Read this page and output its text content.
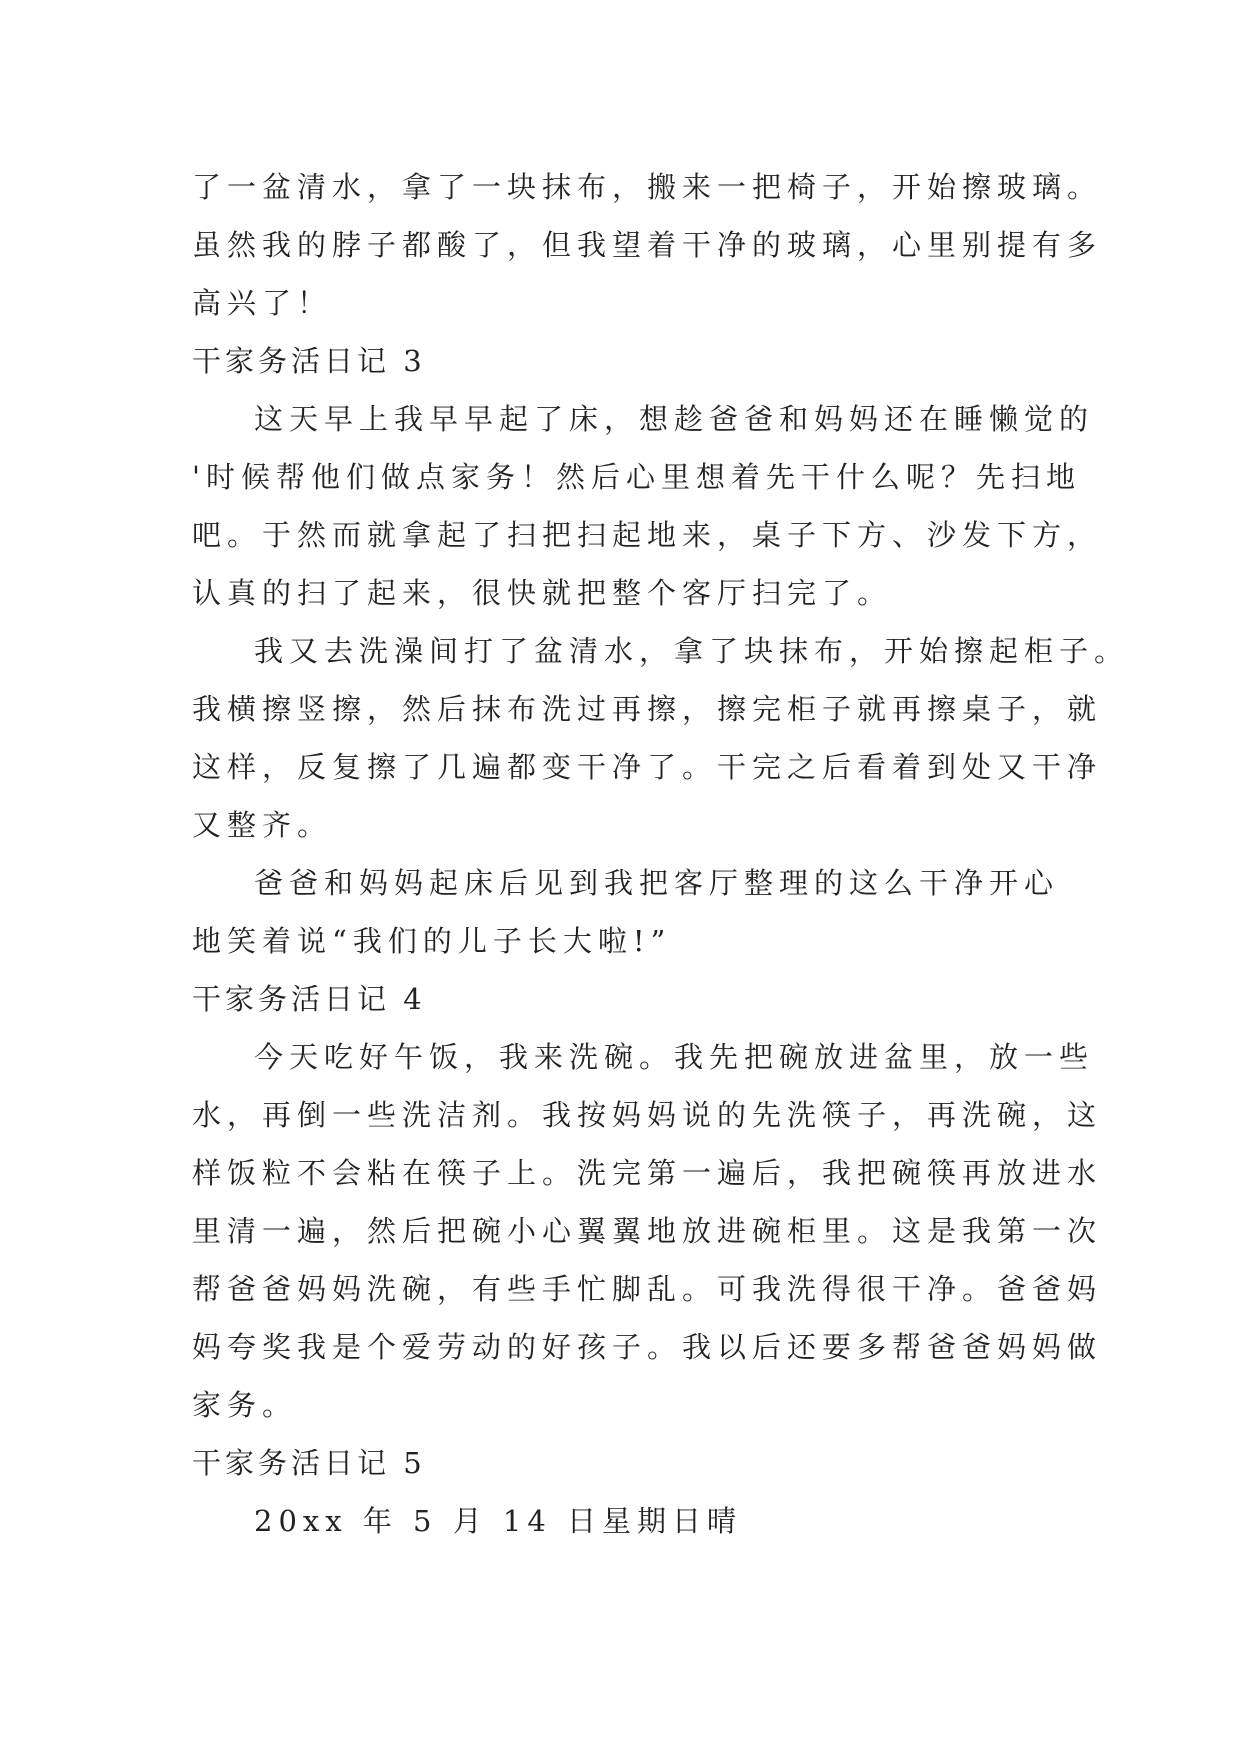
了一盆清水，拿了一块抹布，搬来一把椅子，开始擦玻璃。
虽然我的脖子都酸了，但我望着干净的玻璃，心里别提有多
高兴了！
干家务活日记 3
这天早上我早早起了床，想趁爸爸和妈妈还在睡懒觉的
'时候帮他们做点家务！然后心里想着先干什么呢？先扫地
吧。于然而就拿起了扫把扫起地来，桌子下方、沙发下方，
认真的扫了起来，很快就把整个客厅扫完了。
我又去洗澡间打了盆清水，拿了块抹布，开始擦起柜子。
我横擦竖擦，然后抹布洗过再擦，擦完柜子就再擦桌子，就
这样，反复擦了几遍都变干净了。干完之后看着到处又干净
又整齐。
爸爸和妈妈起床后见到我把客厅整理的这么干净开心
地笑着说“我们的儿子长大啦!”
干家务活日记 4
今天吃好午饭，我来洗碗。我先把碗放进盆里，放一些
水，再倒一些洗洁剂。我按妈妈说的先洗筷子，再洗碗，这
样饭粒不会粘在筷子上。洗完第一遍后，我把碗筷再放进水
里清一遍，然后把碗小心翼翼地放进碗柜里。这是我第一次
帮爸爸妈妈洗碗，有些手忙脚乱。可我洗得很干净。爸爸妈
妈夸奖我是个爱劳动的好孩子。我以后还要多帮爸爸妈妈做
家务。
干家务活日记 5
20xx 年 5 月 14 日星期日晴
